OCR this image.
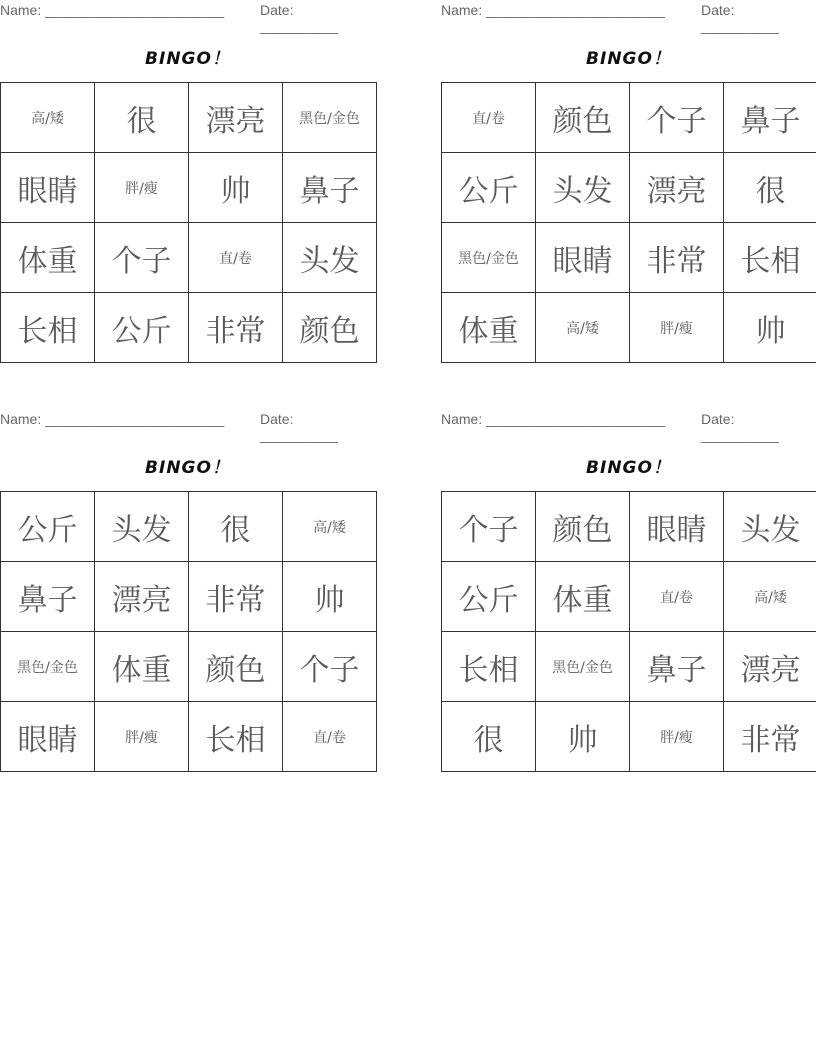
Name: _______________________	Date: __________
BINGO！
高/矮	很	漂亮	黑色/金色
眼睛	胖/瘦	帅	鼻子
体重	个子	直/卷	头发
长相	公斤	非常	颜色
Name: _______________________	Date: __________
BINGO！
直/卷	颜色	个子	鼻子
公斤	头发	漂亮	很
黑色/金色	眼睛	非常	长相
体重	高/矮	胖/瘦	帅
Name: _______________________	Date: __________
BINGO！
公斤	头发	很	高/矮
鼻子	漂亮	非常	帅
黑色/金色	体重	颜色	个子
眼睛	胖/瘦	长相	直/卷
Name: _______________________	Date: __________
BINGO！
个子	颜色	眼睛	头发
公斤	体重	直/卷	高/矮
长相	黑色/金色	鼻子	漂亮
很	帅	胖/瘦	非常
